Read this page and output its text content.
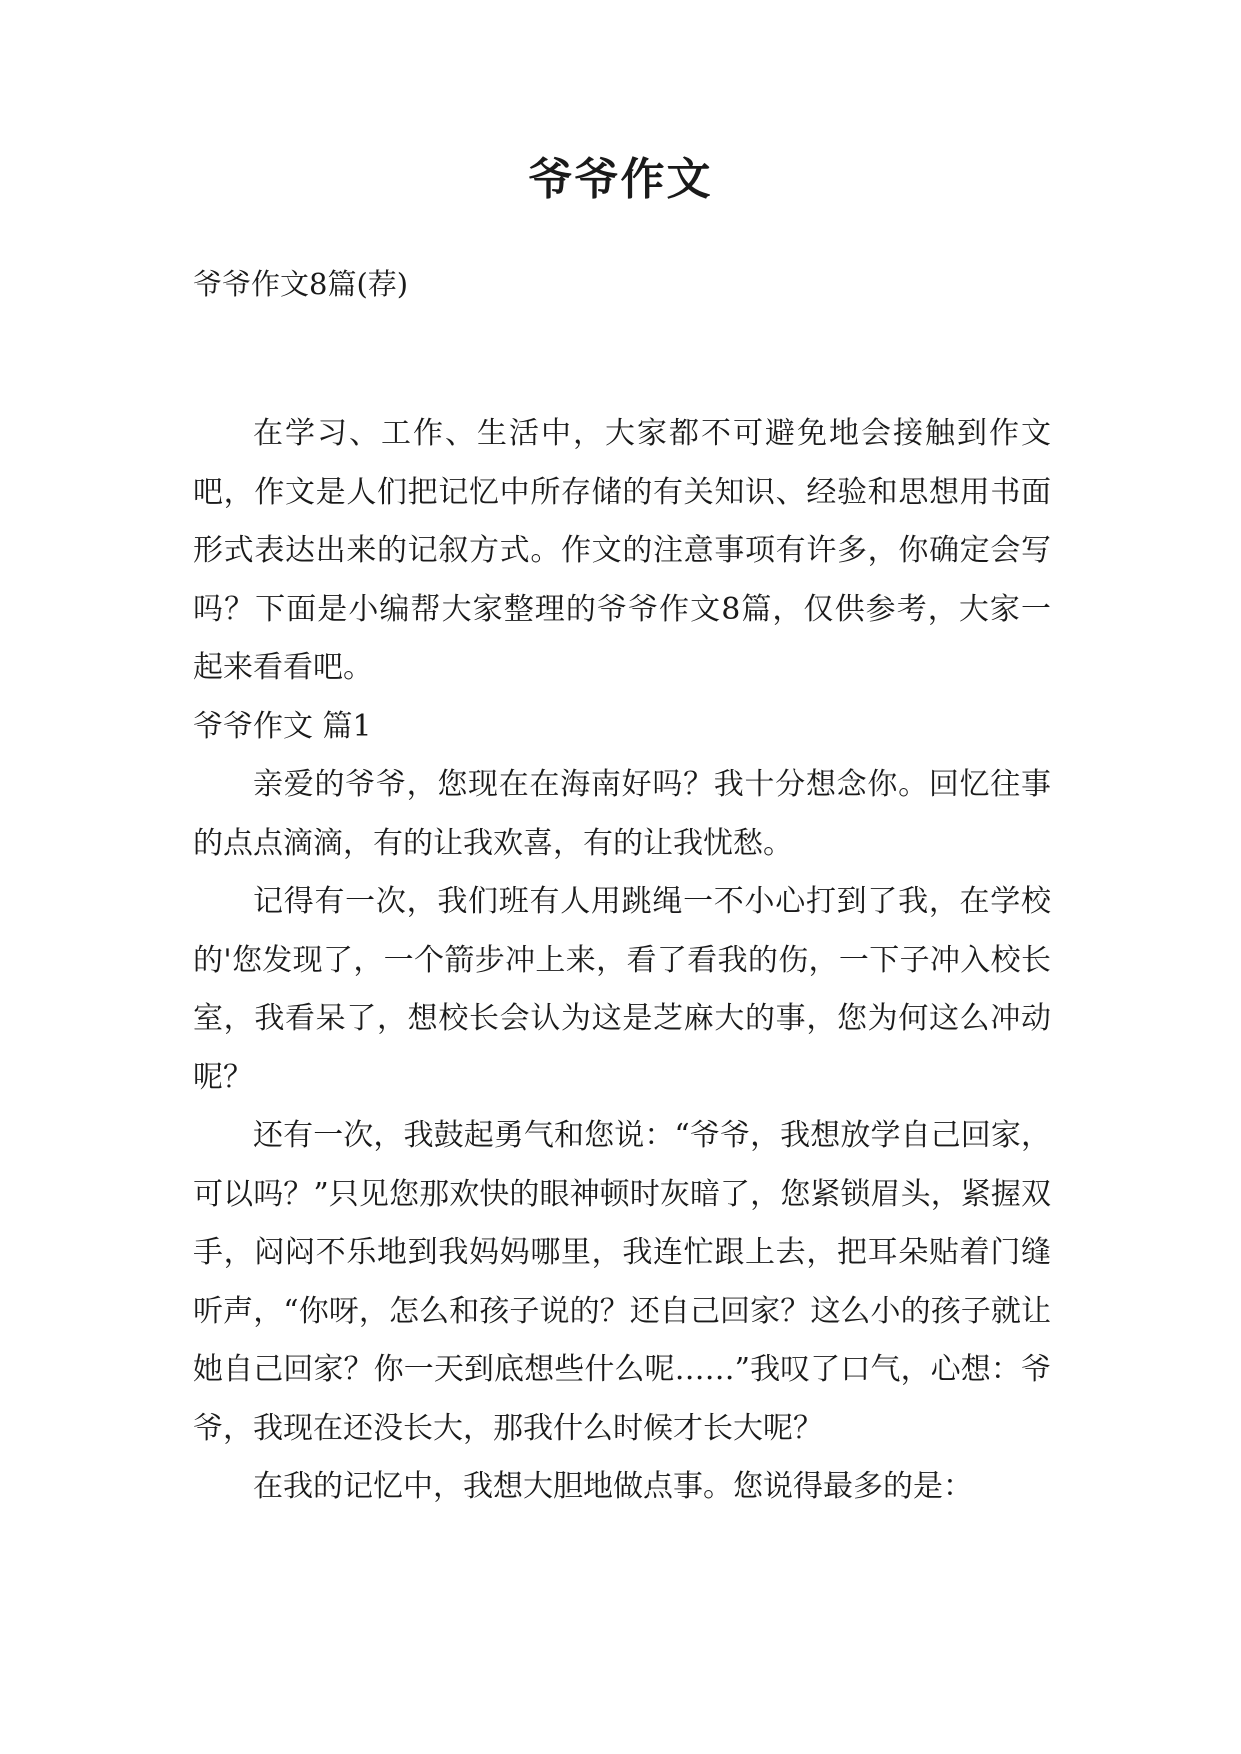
爷爷作文
爷爷作文8篇(荐)

在学习、工作、生活中，大家都不可避免地会接触到作文吧，作文是人们把记忆中所存储的有关知识、经验和思想用书面形式表达出来的记叙方式。作文的注意事项有许多，你确定会写吗？下面是小编帮大家整理的爷爷作文8篇，仅供参考，大家一起来看看吧。

爷爷作文 篇1

亲爱的爷爷，您现在在海南好吗？我十分想念你。回忆往事的点点滴滴，有的让我欢喜，有的让我忧愁。

记得有一次，我们班有人用跳绳一不小心打到了我，在学校的'您发现了，一个箭步冲上来，看了看我的伤，一下子冲入校长室，我看呆了，想校长会认为这是芝麻大的事，您为何这么冲动呢？

还有一次，我鼓起勇气和您说：“爷爷，我想放学自己回家，可以吗？”只见您那欢快的眼神顿时灰暗了，您紧锁眉头，紧握双手，闷闷不乐地到我妈妈哪里，我连忙跟上去，把耳朵贴着门缝听声，“你呀，怎么和孩子说的？还自己回家？这么小的孩子就让她自己回家？你一天到底想些什么呢……”我叹了口气，心想：爷爷，我现在还没长大，那我什么时候才长大呢？

在我的记忆中，我想大胆地做点事。您说得最多的是：
